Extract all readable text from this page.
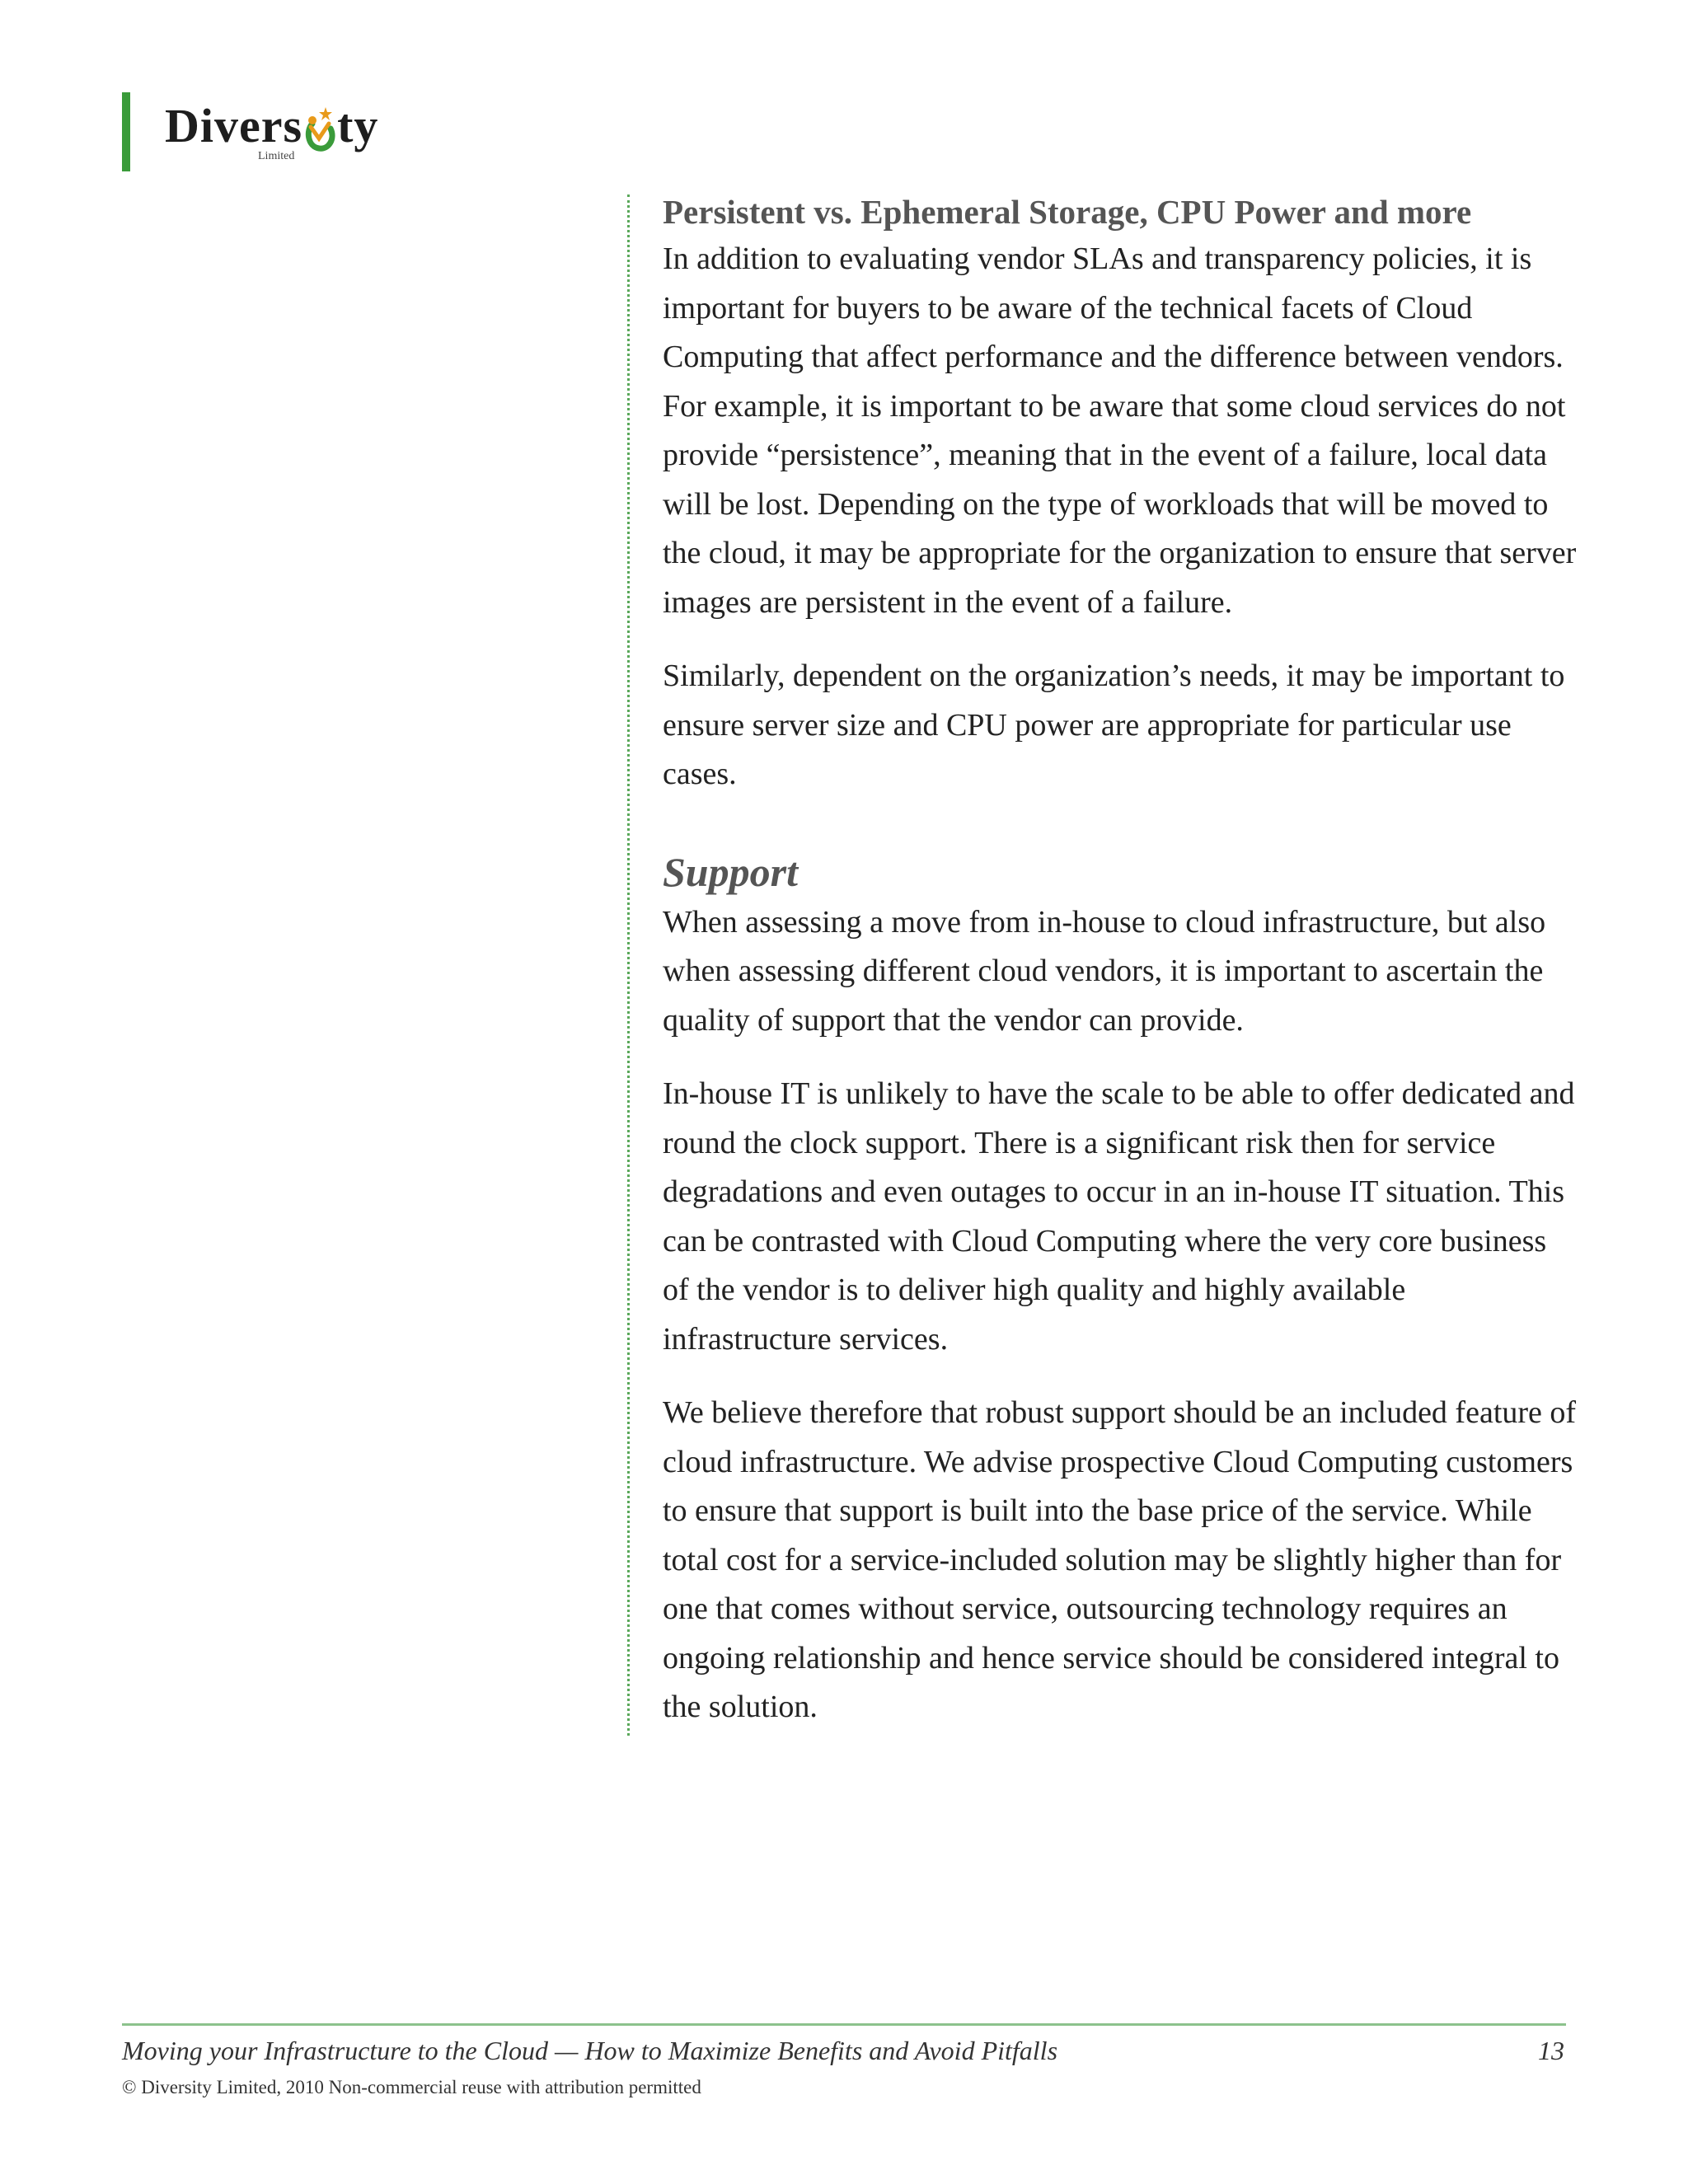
Divers ty
Limited
Persistent vs. Ephemeral Storage, CPU Power and more

In addition to evaluating vendor SLAs and transparency policies, it is important for buyers to be aware of the technical facets of Cloud Computing that affect performance and the difference between vendors. For example, it is important to be aware that some cloud services do not provide “persistence”, meaning that in the event of a failure, local data will be lost. Depending on the type of workloads that will be moved to the cloud, it may be appropriate for the organization to ensure that server images are persistent in the event of a failure.

Similarly, dependent on the organization’s needs, it may be important to ensure server size and CPU power are appropriate for particular use cases.

Support

When assessing a move from in-house to cloud infrastructure, but also when assessing different cloud vendors, it is important to ascertain the quality of support that the vendor can provide.

In-house IT is unlikely to have the scale to be able to offer dedicated and round the clock support. There is a significant risk then for service degradations and even outages to occur in an in-house IT situation. This can be contrasted with Cloud Computing where the very core business of the vendor is to deliver high quality and highly available infrastructure services.

We believe therefore that robust support should be an included feature of cloud infrastructure. We advise prospective Cloud Computing customers to ensure that support is built into the base price of the service. While total cost for a service-included solution may be slightly higher than for one that comes without service, outsourcing technology requires an ongoing relationship and hence service should be considered integral to the solution.

Moving your Infrastructure to the Cloud — How to Maximize Benefits and Avoid Pitfalls	13
© Diversity Limited, 2010 Non-commercial reuse with attribution permitted
